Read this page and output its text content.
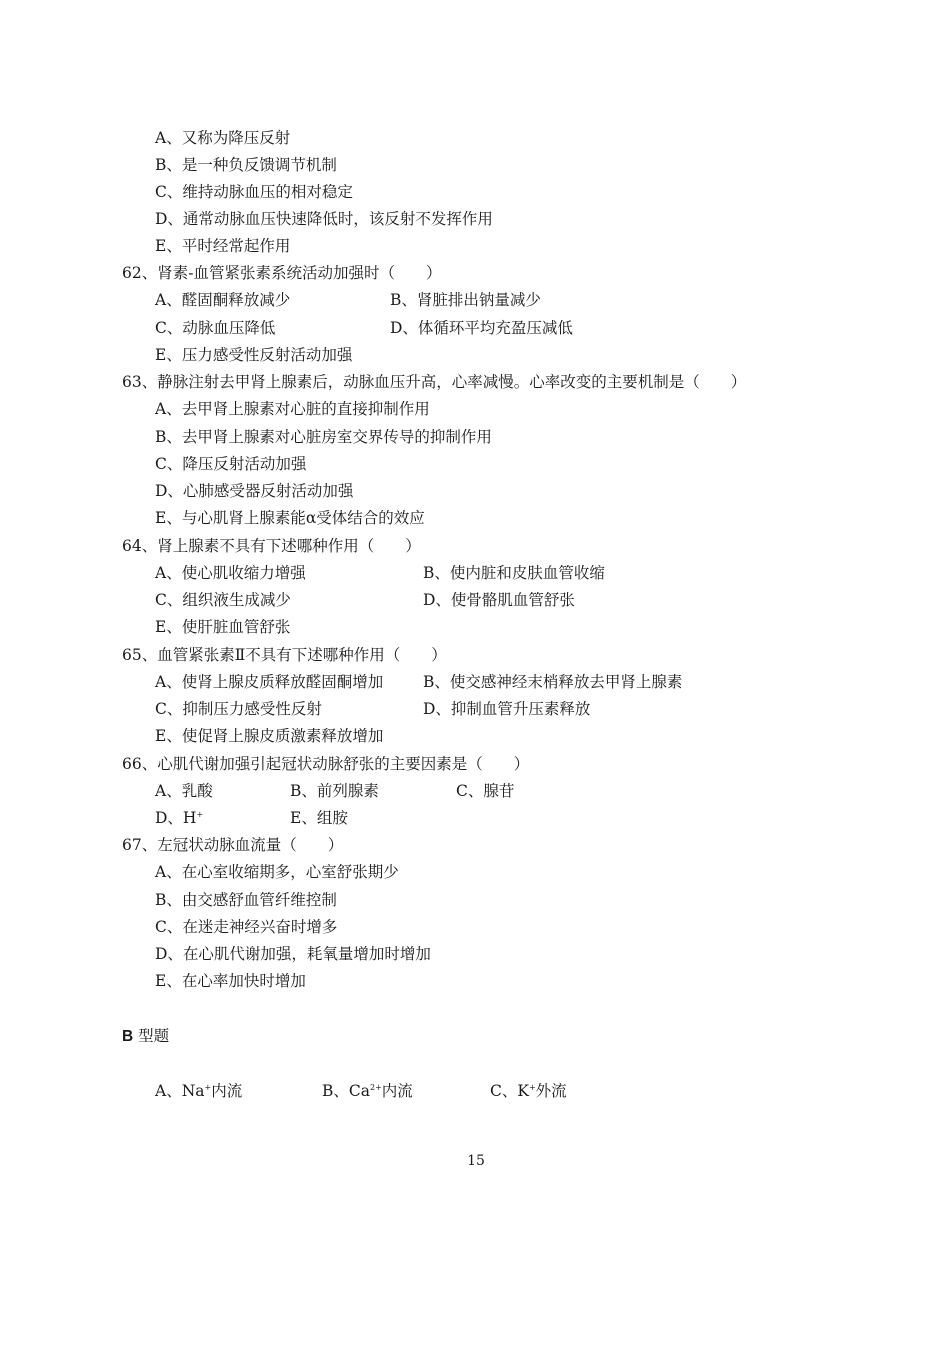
A、又称为降压反射
B、是一种负反馈调节机制
C、维持动脉血压的相对稳定
D、通常动脉血压快速降低时，该反射不发挥作用
E、平时经常起作用
62、肾素-血管紧张素系统活动加强时（　　）
A、醛固酮释放减少	B、肾脏排出钠量减少
C、动脉血压降低	D、体循环平均充盈压减低
E、压力感受性反射活动加强
63、静脉注射去甲肾上腺素后，动脉血压升高，心率减慢。心率改变的主要机制是（　　）
A、去甲肾上腺素对心脏的直接抑制作用
B、去甲肾上腺素对心脏房室交界传导的抑制作用
C、降压反射活动加强
D、心肺感受器反射活动加强
E、与心肌肾上腺素能α受体结合的效应
64、肾上腺素不具有下述哪种作用（　　）
A、使心肌收缩力增强	B、使内脏和皮肤血管收缩
C、组织液生成减少	D、使骨骼肌血管舒张
E、使肝脏血管舒张
65、血管紧张素Ⅱ不具有下述哪种作用（　　）
A、使肾上腺皮质释放醛固酮增加	B、使交感神经末梢释放去甲肾上腺素
C、抑制压力感受性反射	D、抑制血管升压素释放
E、使促肾上腺皮质激素释放增加
66、心肌代谢加强引起冠状动脉舒张的主要因素是（　　）
A、乳酸	B、前列腺素	C、腺苷
D、H+	E、组胺
67、左冠状动脉血流量（　　）
A、在心室收缩期多，心室舒张期少
B、由交感舒血管纤维控制
C、在迷走神经兴奋时增多
D、在心肌代谢加强，耗氧量增加时增加
E、在心率加快时增加
B 型题
A、Na+内流	B、$Ca^{2+}$内流	C、K+外流
15
